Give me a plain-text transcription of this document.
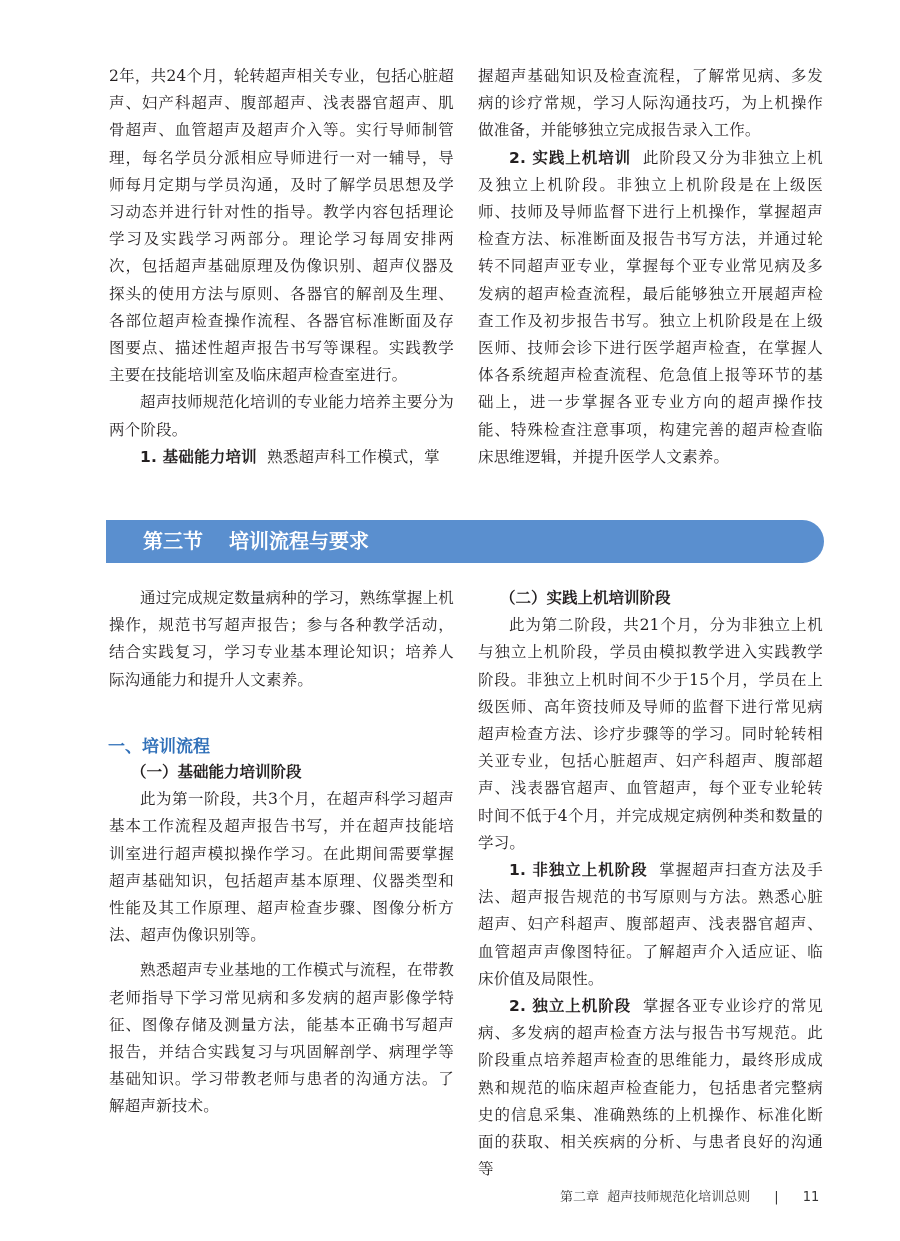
2年，共24个月，轮转超声相关专业，包括心脏超声、妇产科超声、腹部超声、浅表器官超声、肌骨超声、血管超声及超声介入等。实行导师制管理，每名学员分派相应导师进行一对一辅导，导师每月定期与学员沟通，及时了解学员思想及学习动态并进行针对性的指导。教学内容包括理论学习及实践学习两部分。理论学习每周安排两次，包括超声基础原理及伪像识别、超声仪器及探头的使用方法与原则、各器官的解剖及生理、各部位超声检查操作流程、各器官标准断面及存图要点、描述性超声报告书写等课程。实践教学主要在技能培训室及临床超声检查室进行。

超声技师规范化培训的专业能力培养主要分为两个阶段。

1. 基础能力培训 熟悉超声科工作模式，掌

握超声基础知识及检查流程，了解常见病、多发病的诊疗常规，学习人际沟通技巧，为上机操作做准备，并能够独立完成报告录入工作。

2. 实践上机培训 此阶段又分为非独立上机及独立上机阶段。非独立上机阶段是在上级医师、技师及导师监督下进行上机操作，掌握超声检查方法、标准断面及报告书写方法，并通过轮转不同超声亚专业，掌握每个亚专业常见病及多发病的超声检查流程，最后能够独立开展超声检查工作及初步报告书写。独立上机阶段是在上级医师、技师会诊下进行医学超声检查，在掌握人体各系统超声检查流程、危急值上报等环节的基础上，进一步掌握各亚专业方向的超声操作技能、特殊检查注意事项，构建完善的超声检查临床思维逻辑，并提升医学人文素养。

第三节 培训流程与要求

通过完成规定数量病种的学习，熟练掌握上机操作，规范书写超声报告；参与各种教学活动，结合实践复习，学习专业基本理论知识；培养人际沟通能力和提升人文素养。

一、培训流程
（一）基础能力培训阶段

此为第一阶段，共3个月，在超声科学习超声基本工作流程及超声报告书写，并在超声技能培训室进行超声模拟操作学习。在此期间需要掌握超声基础知识，包括超声基本原理、仪器类型和性能及其工作原理、超声检查步骤、图像分析方法、超声伪像识别等。

熟悉超声专业基地的工作模式与流程，在带教老师指导下学习常见病和多发病的超声影像学特征、图像存储及测量方法，能基本正确书写超声报告，并结合实践复习与巩固解剖学、病理学等基础知识。学习带教老师与患者的沟通方法。了解超声新技术。

（二）实践上机培训阶段

此为第二阶段，共21个月，分为非独立上机与独立上机阶段，学员由模拟教学进入实践教学阶段。非独立上机时间不少于15个月，学员在上级医师、高年资技师及导师的监督下进行常见病超声检查方法、诊疗步骤等的学习。同时轮转相关亚专业，包括心脏超声、妇产科超声、腹部超声、浅表器官超声、血管超声，每个亚专业轮转时间不低于4个月，并完成规定病例种类和数量的学习。

1. 非独立上机阶段 掌握超声扫查方法及手法、超声报告规范的书写原则与方法。熟悉心脏超声、妇产科超声、腹部超声、浅表器官超声、血管超声声像图特征。了解超声介入适应证、临床价值及局限性。

2. 独立上机阶段 掌握各亚专业诊疗的常见病、多发病的超声检查方法与报告书写规范。此阶段重点培养超声检查的思维能力，最终形成成熟和规范的临床超声检查能力，包括患者完整病史的信息采集、准确熟练的上机操作、标准化断面的获取、相关疾病的分析、与患者良好的沟通等

第二章 超声技师规范化培训总则 | 11
